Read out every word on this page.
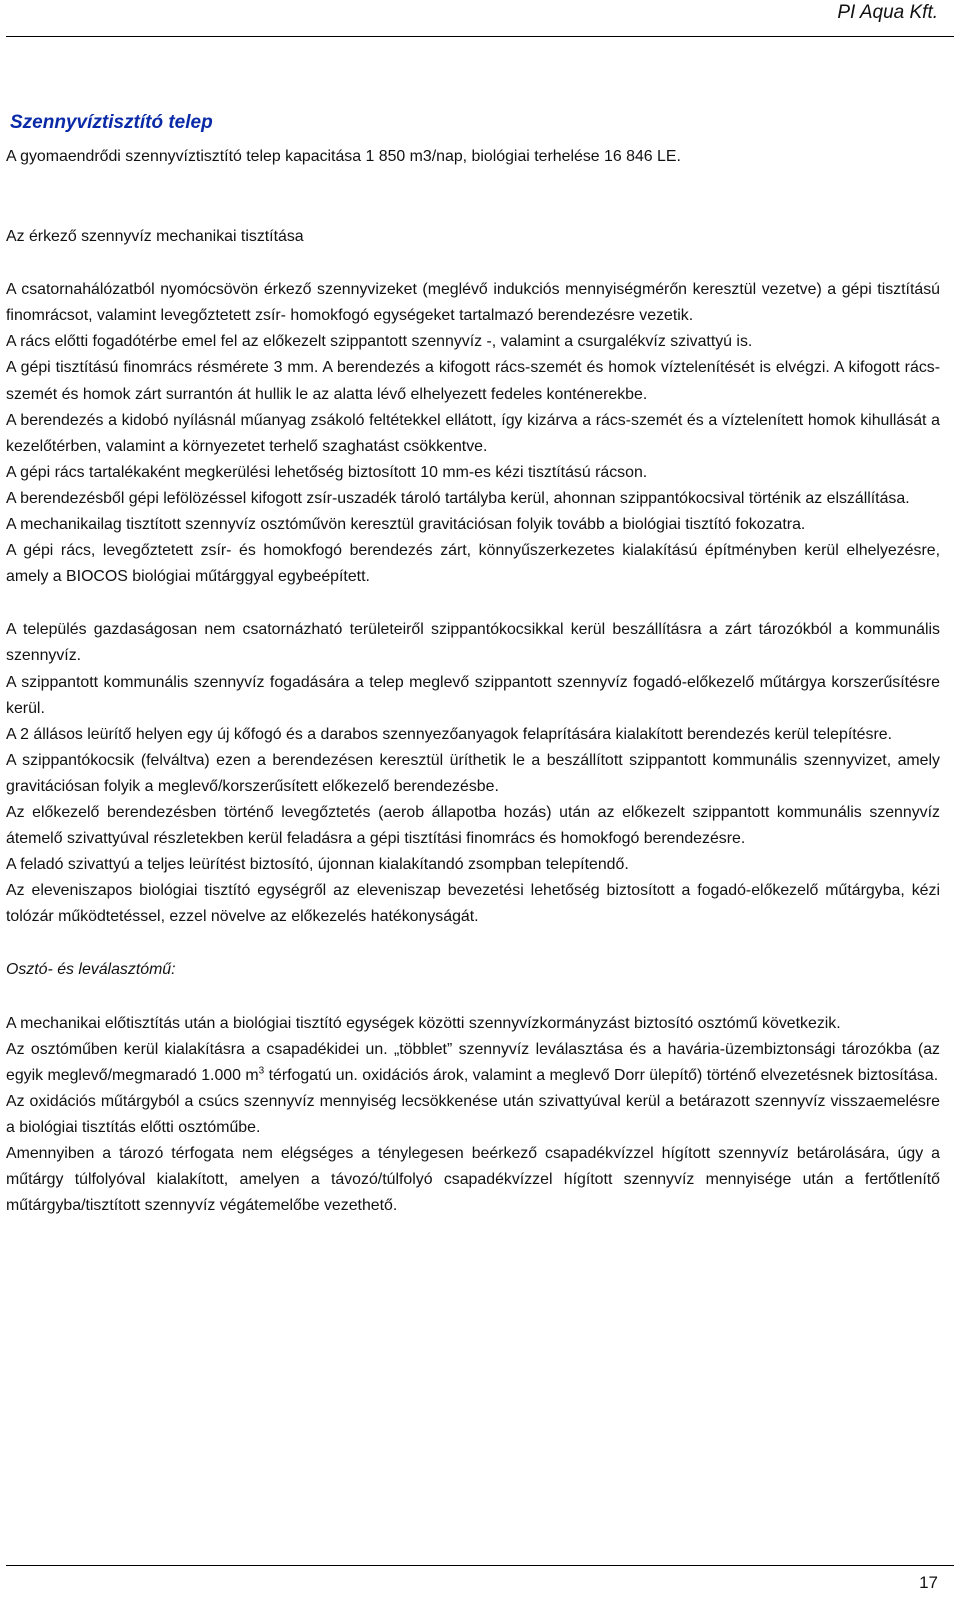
PI Aqua Kft.
Szennyvíztisztító telep

A gyomaendrődi szennyvíztisztító telep kapacitása 1 850 m3/nap, biológiai terhelése 16 846 LE.

Az érkező szennyvíz mechanikai tisztítása

A csatornahálózatból nyomócsövön érkező szennyvizeket (meglévő indukciós mennyiségmérőn keresztül vezetve) a gépi tisztítású finomrácsot, valamint levegőztetett zsír- homokfogó egységeket tartalmazó berendezésre vezetik.

A rács előtti fogadótérbe emel fel az előkezelt szippantott szennyvíz -, valamint a csurgalékvíz szivattyú is.

A gépi tisztítású finomrács résmérete 3 mm. A berendezés a kifogott rács-szemét és homok víztelenítését is elvégzi. A kifogott rács-szemét és homok zárt surrantón át hullik le az alatta lévő elhelyezett fedeles konténerekbe.

A berendezés a kidobó nyílásnál műanyag zsákoló feltétekkel ellátott, így kizárva a rács-szemét és a víztelenített homok kihullását a kezelőtérben, valamint a környezetet terhelő szaghatást csökkentve.

A gépi rács tartalékaként megkerülési lehetőség biztosított 10 mm-es kézi tisztítású rácson.

A berendezésből gépi lefölözéssel kifogott zsír-uszadék tároló tartályba kerül, ahonnan szippantókocsival történik az elszállítása.

A mechanikailag tisztított szennyvíz osztóművön keresztül gravitációsan folyik tovább a biológiai tisztító fokozatra.

A gépi rács, levegőztetett zsír- és homokfogó berendezés zárt, könnyűszerkezetes kialakítású építményben kerül elhelyezésre, amely a BIOCOS biológiai műtárggyal egybeépített.

A település gazdaságosan nem csatornázható területeiről szippantókocsikkal kerül beszállításra a zárt tározókból a kommunális szennyvíz.

A szippantott kommunális szennyvíz fogadására a telep meglevő szippantott szennyvíz fogadó-előkezelő műtárgya korszerűsítésre kerül.

A 2 állásos leürítő helyen egy új kőfogó és a darabos szennyezőanyagok felaprítására kialakított berendezés kerül telepítésre.

A szippantókocsik (felváltva) ezen a berendezésen keresztül üríthetik le a beszállított szippantott kommunális szennyvizet, amely gravitációsan folyik a meglevő/korszerűsített előkezelő berendezésbe.

Az előkezelő berendezésben történő levegőztetés (aerob állapotba hozás) után az előkezelt szippantott kommunális szennyvíz átemelő szivattyúval részletekben kerül feladásra a gépi tisztítási finomrács és homokfogó berendezésre.

A feladó szivattyú a teljes leürítést biztosító, újonnan kialakítandó zsompban telepítendő.

Az eleveniszapos biológiai tisztító egységről az eleveniszap bevezetési lehetőség biztosított a fogadó-előkezelő műtárgyba, kézi tolózár működtetéssel, ezzel növelve az előkezelés hatékonyságát.

Osztó- és leválasztómű:

A mechanikai előtisztítás után a biológiai tisztító egységek közötti szennyvízkormányzást biztosító osztómű következik.

Az osztóműben kerül kialakításra a csapadékidei un. „többlet” szennyvíz leválasztása és a havária-üzembiztonsági tározókba (az egyik meglevő/megmaradó 1.000 $m^3$ térfogatú un. oxidációs árok, valamint a meglevő Dorr ülepítő) történő elvezetésnek biztosítása.

Az oxidációs műtárgyból a csúcs szennyvíz mennyiség lecsökkenése után szivattyúval kerül a betárazott szennyvíz visszaemelésre a biológiai tisztítás előtti osztóműbe.

Amennyiben a tározó térfogata nem elégséges a ténylegesen beérkező csapadékvízzel hígított szennyvíz betárolására, úgy a műtárgy túlfolyóval kialakított, amelyen a távozó/túlfolyó csapadékvízzel hígított szennyvíz mennyisége után a fertőtlenítő műtárgyba/tisztított szennyvíz végátemelőbe vezethető.

17
